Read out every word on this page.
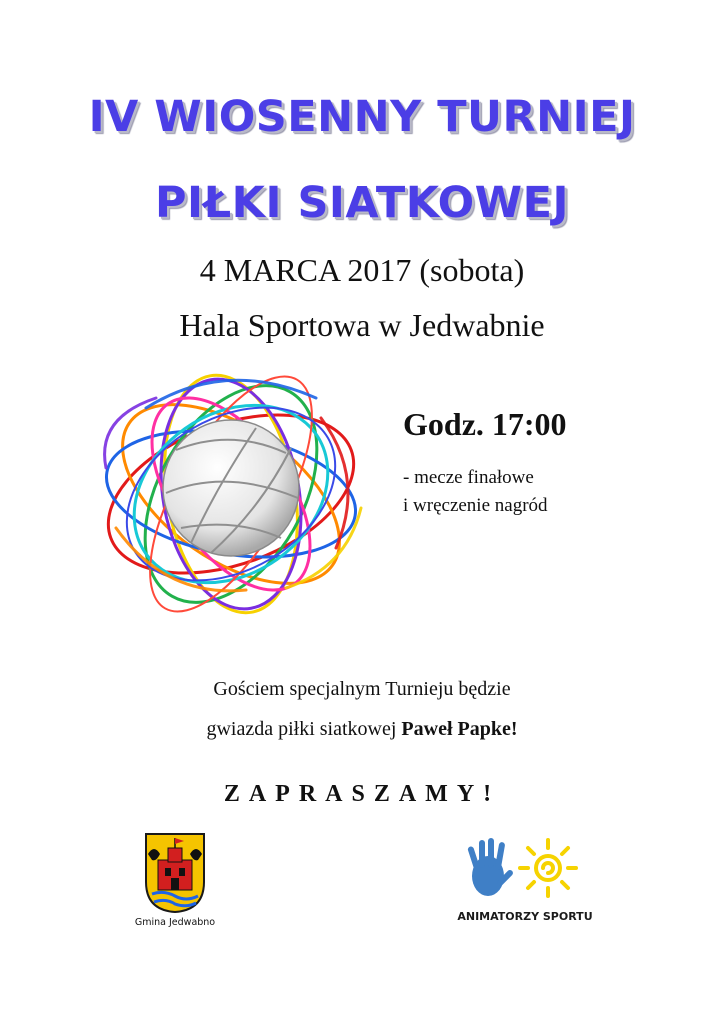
IV WIOSENNY TURNIEJ
PIŁKI SIATKOWEJ

4 MARCA 2017 (sobota)

Hala Sportowa w Jedwabnie

Godz. 17:00
- mecze finałowe
i wręczenie nagród
Gościem specjalnym Turnieju będzie
gwiazda piłki siatkowej Paweł Papke!
ZAPRASZAMY!
Gmina Jedwabno	ANIMATORZY SPORTU
